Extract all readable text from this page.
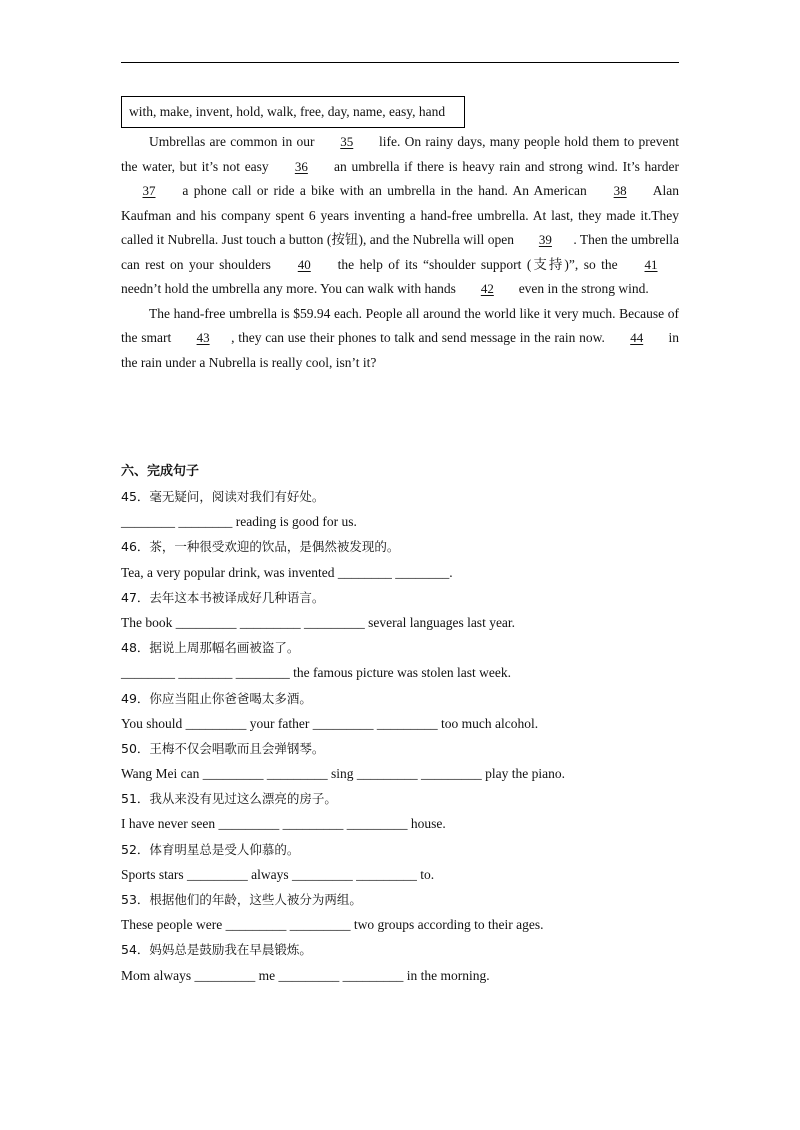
with, make, invent, hold, walk, free, day, name, easy, hand

Umbrellas are common in our 35 life. On rainy days, many people hold them to prevent the water, but it’s not easy 36 an umbrella if there is heavy rain and strong wind. It’s harder 37 a phone call or ride a bike with an umbrella in the hand. An American 38 Alan Kaufman and his company spent 6 years inventing a hand-free umbrella. At last, they made it.They called it Nubrella. Just touch a button (按钮), and the Nubrella will open 39 . Then the umbrella can rest on your shoulders 40 the help of its “shoulder support (支持)”, so the 41 needn’t hold the umbrella any more. You can walk with hands 42 even in the strong wind.

The hand-free umbrella is $59.94 each. People all around the world like it very much. Because of the smart 43 , they can use their phones to talk and send message in the rain now. 44 in the rain under a Nubrella is really cool, isn’t it?

六、完成句子
45．毫无疑问，阅读对我们有好处。
________ ________ reading is good for us.
46．茶，一种很受欢迎的饮品，是偶然被发现的。
Tea, a very popular drink, was invented ________ ________.
47．去年这本书被译成好几种语言。
The book _________ _________ _________ several languages last year.
48．据说上周那幅名画被盗了。
________ ________ ________ the famous picture was stolen last week.
49．你应当阻止你爸爸喝太多酒。
You should _________ your father _________ _________ too much alcohol.
50．王梅不仅会唱歌而且会弹钢琴。
Wang Mei can _________ _________ sing _________ _________ play the piano.
51．我从来没有见过这么漂亮的房子。
I have never seen _________ _________ _________ house.
52．体育明星总是受人仰慕的。
Sports stars _________ always _________ _________ to.
53．根据他们的年龄，这些人被分为两组。
These people were _________ _________ two groups according to their ages.
54．妈妈总是鼓励我在早晨锻炼。
Mom always _________ me _________ _________ in the morning.
